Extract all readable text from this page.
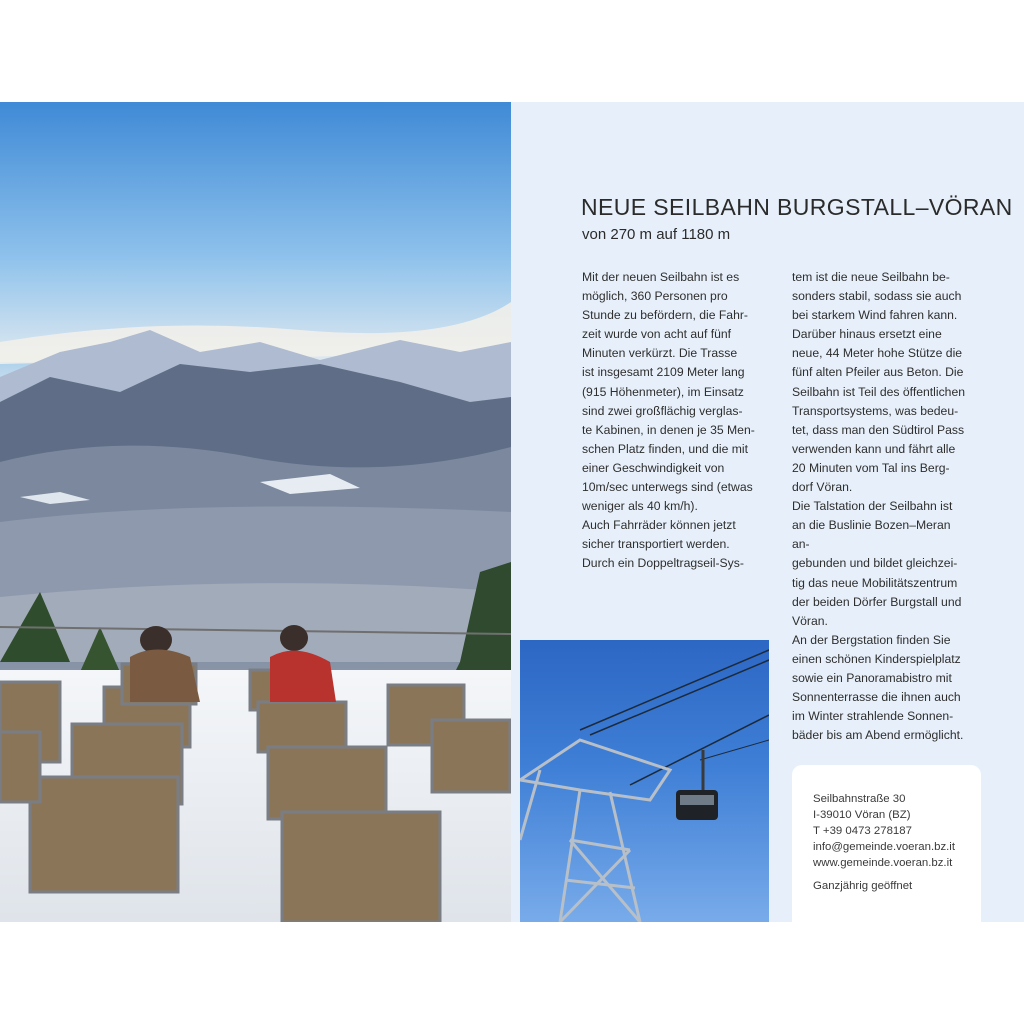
NEUE SEILBAHN BURGSTALL–VÖRAN
von 270 m auf 1180 m

Mit der neuen Seilbahn ist es

möglich, 360 Personen pro

Stunde zu befördern, die Fahr-

zeit wurde von acht auf fünf

Minuten verkürzt. Die Trasse

ist insgesamt 2109 Meter lang

(915 Höhenmeter), im Einsatz

sind zwei großflächig verglas-

te Kabinen, in denen je 35 Men-

schen Platz finden, und die mit

einer Geschwindigkeit von

10m/sec unterwegs sind (etwas

weniger als 40 km/h).

Auch Fahrräder können jetzt

sicher transportiert werden.

Durch ein Doppeltragseil-Sys-

tem ist die neue Seilbahn be-

sonders stabil, sodass sie auch

bei starkem Wind fahren kann.

Darüber hinaus ersetzt eine

neue, 44 Meter hohe Stütze die

fünf alten Pfeiler aus Beton. Die

Seilbahn ist Teil des öffentlichen

Transportsystems, was bedeu-

tet, dass man den Südtirol Pass

verwenden kann und fährt alle

20 Minuten vom Tal ins Berg-

dorf Vöran.

Die Talstation der Seilbahn ist

an die Buslinie Bozen–Meran an-

gebunden und bildet gleichzei-

tig das neue Mobilitätszentrum

der beiden Dörfer Burgstall und

Vöran.

An der Bergstation finden Sie

einen schönen Kinderspielplatz

sowie ein Panoramabistro mit

Sonnenterrasse die ihnen auch

im Winter strahlende Sonnen-

bäder bis am Abend ermöglicht.

Seilbahnstraße 30
I-39010 Vöran (BZ)
T +39 0473 278187
info@gemeinde.voeran.bz.it
www.gemeinde.voeran.bz.it
Ganzjährig geöffnet
